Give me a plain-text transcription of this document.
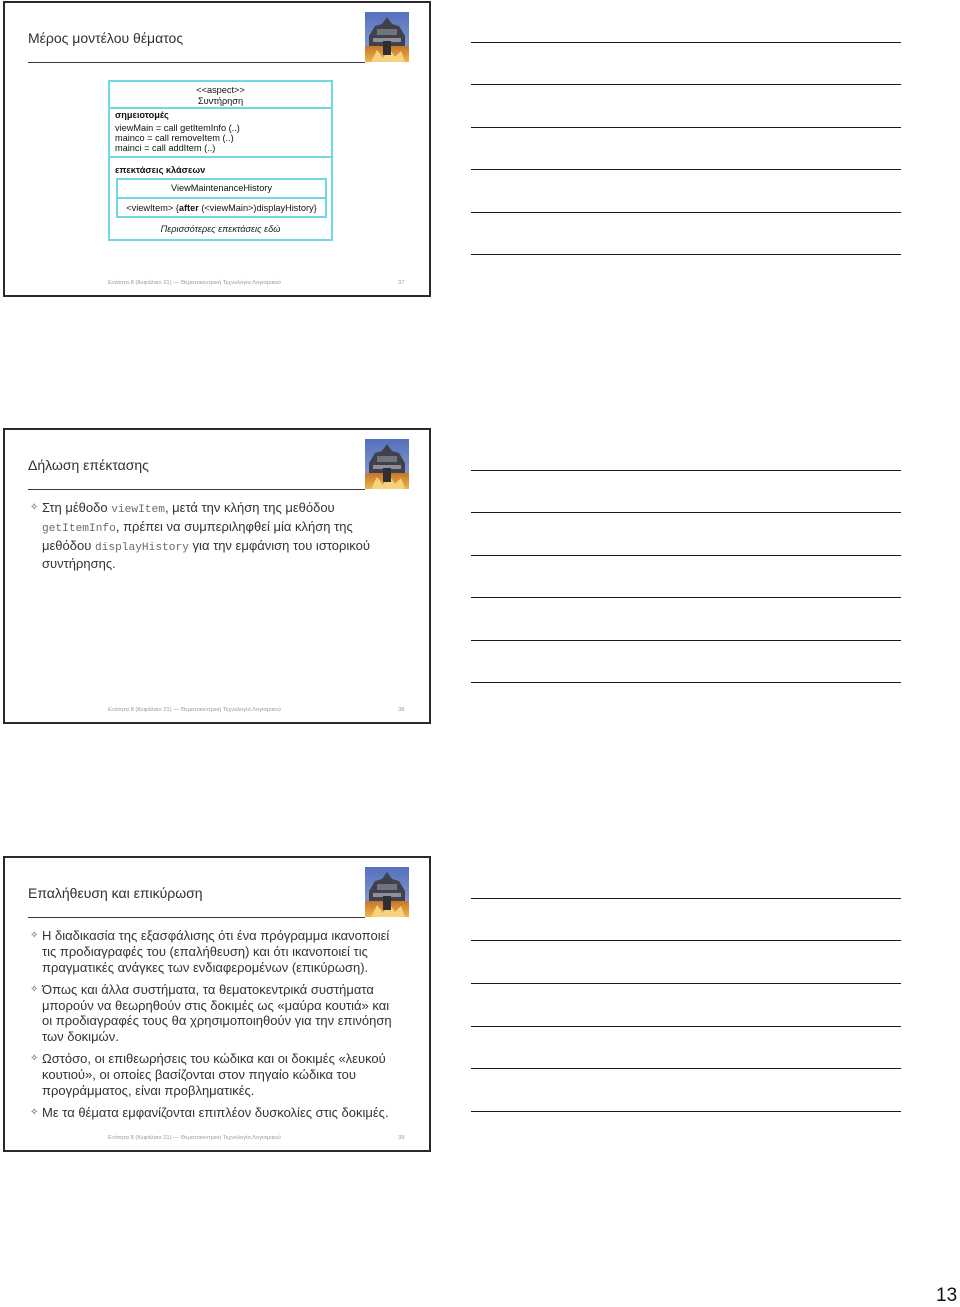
Μέρος μοντέλου θέματος
<<aspect>>
Συντήρηση
σημειοτομές
viewMain = call getItemInfo (..)
mainco = call removeItem (..)
mainci = call addItem (..)
επεκτάσεις κλάσεων
ViewMaintenanceHistory
<viewItem> {after (<viewMain>)displayHistory}
Περισσότερες επεκτάσεις εδώ
Ενότητα 8 (Κεφάλαιο 21) — Θεματοκεντρική Τεχνολογία Λογισμικού	37
Δήλωση επέκτασης
✧
Στη μέθοδο viewItem, μετά την κλήση της μεθόδου
getItemInfo, πρέπει να συμπεριληφθεί μία κλήση της
μεθόδου displayHistory για την εμφάνιση του ιστορικού
συντήρησης.
Ενότητα 8 (Κεφάλαιο 21) — Θεματοκεντρική Τεχνολογία Λογισμικού	38
Επαλήθευση και επικύρωση
✧
Η διαδικασία της εξασφάλισης ότι ένα πρόγραμμα ικανοποιεί
τις προδιαγραφές του (επαλήθευση) και ότι ικανοποιεί τις
πραγματικές ανάγκες των ενδιαφερομένων (επικύρωση).
✧
Όπως και άλλα συστήματα, τα θεματοκεντρικά συστήματα
μπορούν να θεωρηθούν στις δοκιμές ως «μαύρα κουτιά» και
οι προδιαγραφές τους θα χρησιμοποιηθούν για την επινόηση
των δοκιμών.
✧
Ωστόσο, οι επιθεωρήσεις του κώδικα και οι δοκιμές «λευκού
κουτιού», οι οποίες βασίζονται στον πηγαίο κώδικα του
προγράμματος, είναι προβληματικές.
✧
Με τα θέματα εμφανίζονται επιπλέον δυσκολίες στις δοκιμές.
Ενότητα 8 (Κεφάλαιο 21) — Θεματοκεντρική Τεχνολογία Λογισμικού	39
13
